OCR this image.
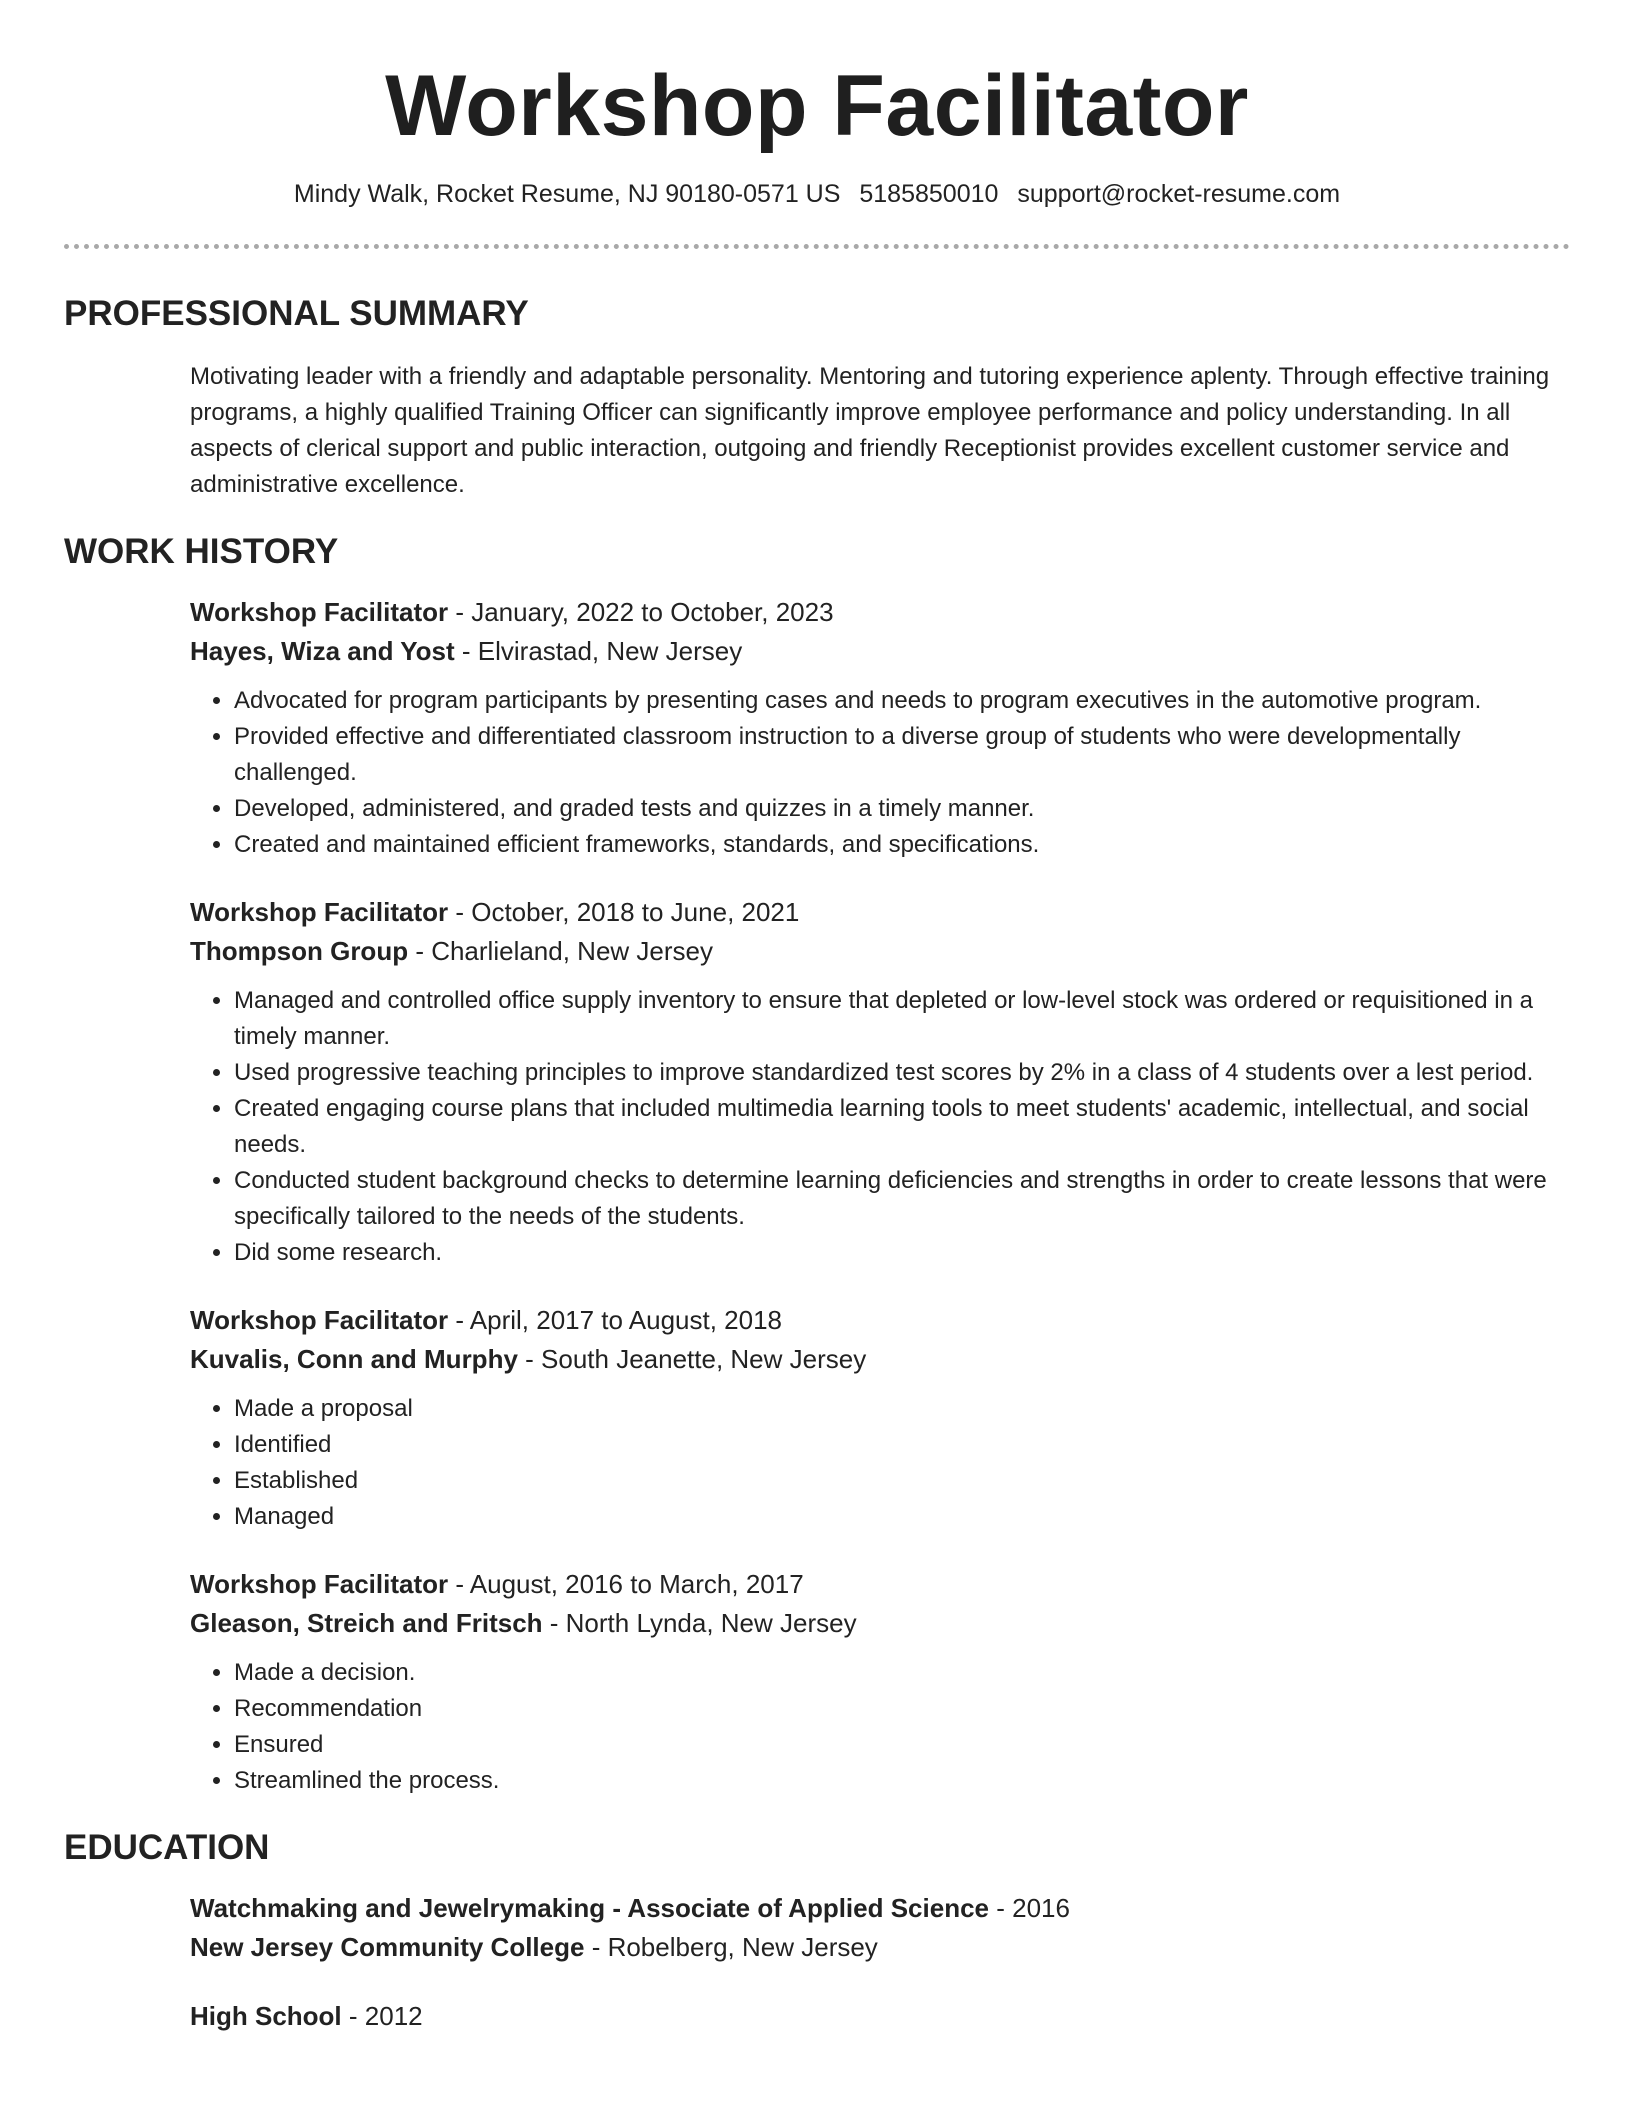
Workshop Facilitator
Mindy Walk, Rocket Resume, NJ 90180-0571 US 5185850010 support@rocket-resume.com
PROFESSIONAL SUMMARY

Motivating leader with a friendly and adaptable personality. Mentoring and tutoring experience aplenty. Through effective training programs, a highly qualified Training Officer can significantly improve employee performance and policy understanding. In all aspects of clerical support and public interaction, outgoing and friendly Receptionist provides excellent customer service and administrative excellence.

WORK HISTORY
Workshop Facilitator - January, 2022 to October, 2023
Hayes, Wiza and Yost - Elvirastad, New Jersey
• Advocated for program participants by presenting cases and needs to program executives in the automotive program.
• Provided effective and differentiated classroom instruction to a diverse group of students who were developmentally challenged.
• Developed, administered, and graded tests and quizzes in a timely manner.
• Created and maintained efficient frameworks, standards, and specifications.
Workshop Facilitator - October, 2018 to June, 2021
Thompson Group - Charlieland, New Jersey
• Managed and controlled office supply inventory to ensure that depleted or low-level stock was ordered or requisitioned in a timely manner.
• Used progressive teaching principles to improve standardized test scores by 2% in a class of 4 students over a lest period.
• Created engaging course plans that included multimedia learning tools to meet students' academic, intellectual, and social needs.
• Conducted student background checks to determine learning deficiencies and strengths in order to create lessons that were specifically tailored to the needs of the students.
• Did some research.
Workshop Facilitator - April, 2017 to August, 2018
Kuvalis, Conn and Murphy - South Jeanette, New Jersey
• Made a proposal
• Identified
• Established
• Managed
Workshop Facilitator - August, 2016 to March, 2017
Gleason, Streich and Fritsch - North Lynda, New Jersey
• Made a decision.
• Recommendation
• Ensured
• Streamlined the process.
EDUCATION
Watchmaking and Jewelrymaking - Associate of Applied Science - 2016
New Jersey Community College - Robelberg, New Jersey
High School - 2012
